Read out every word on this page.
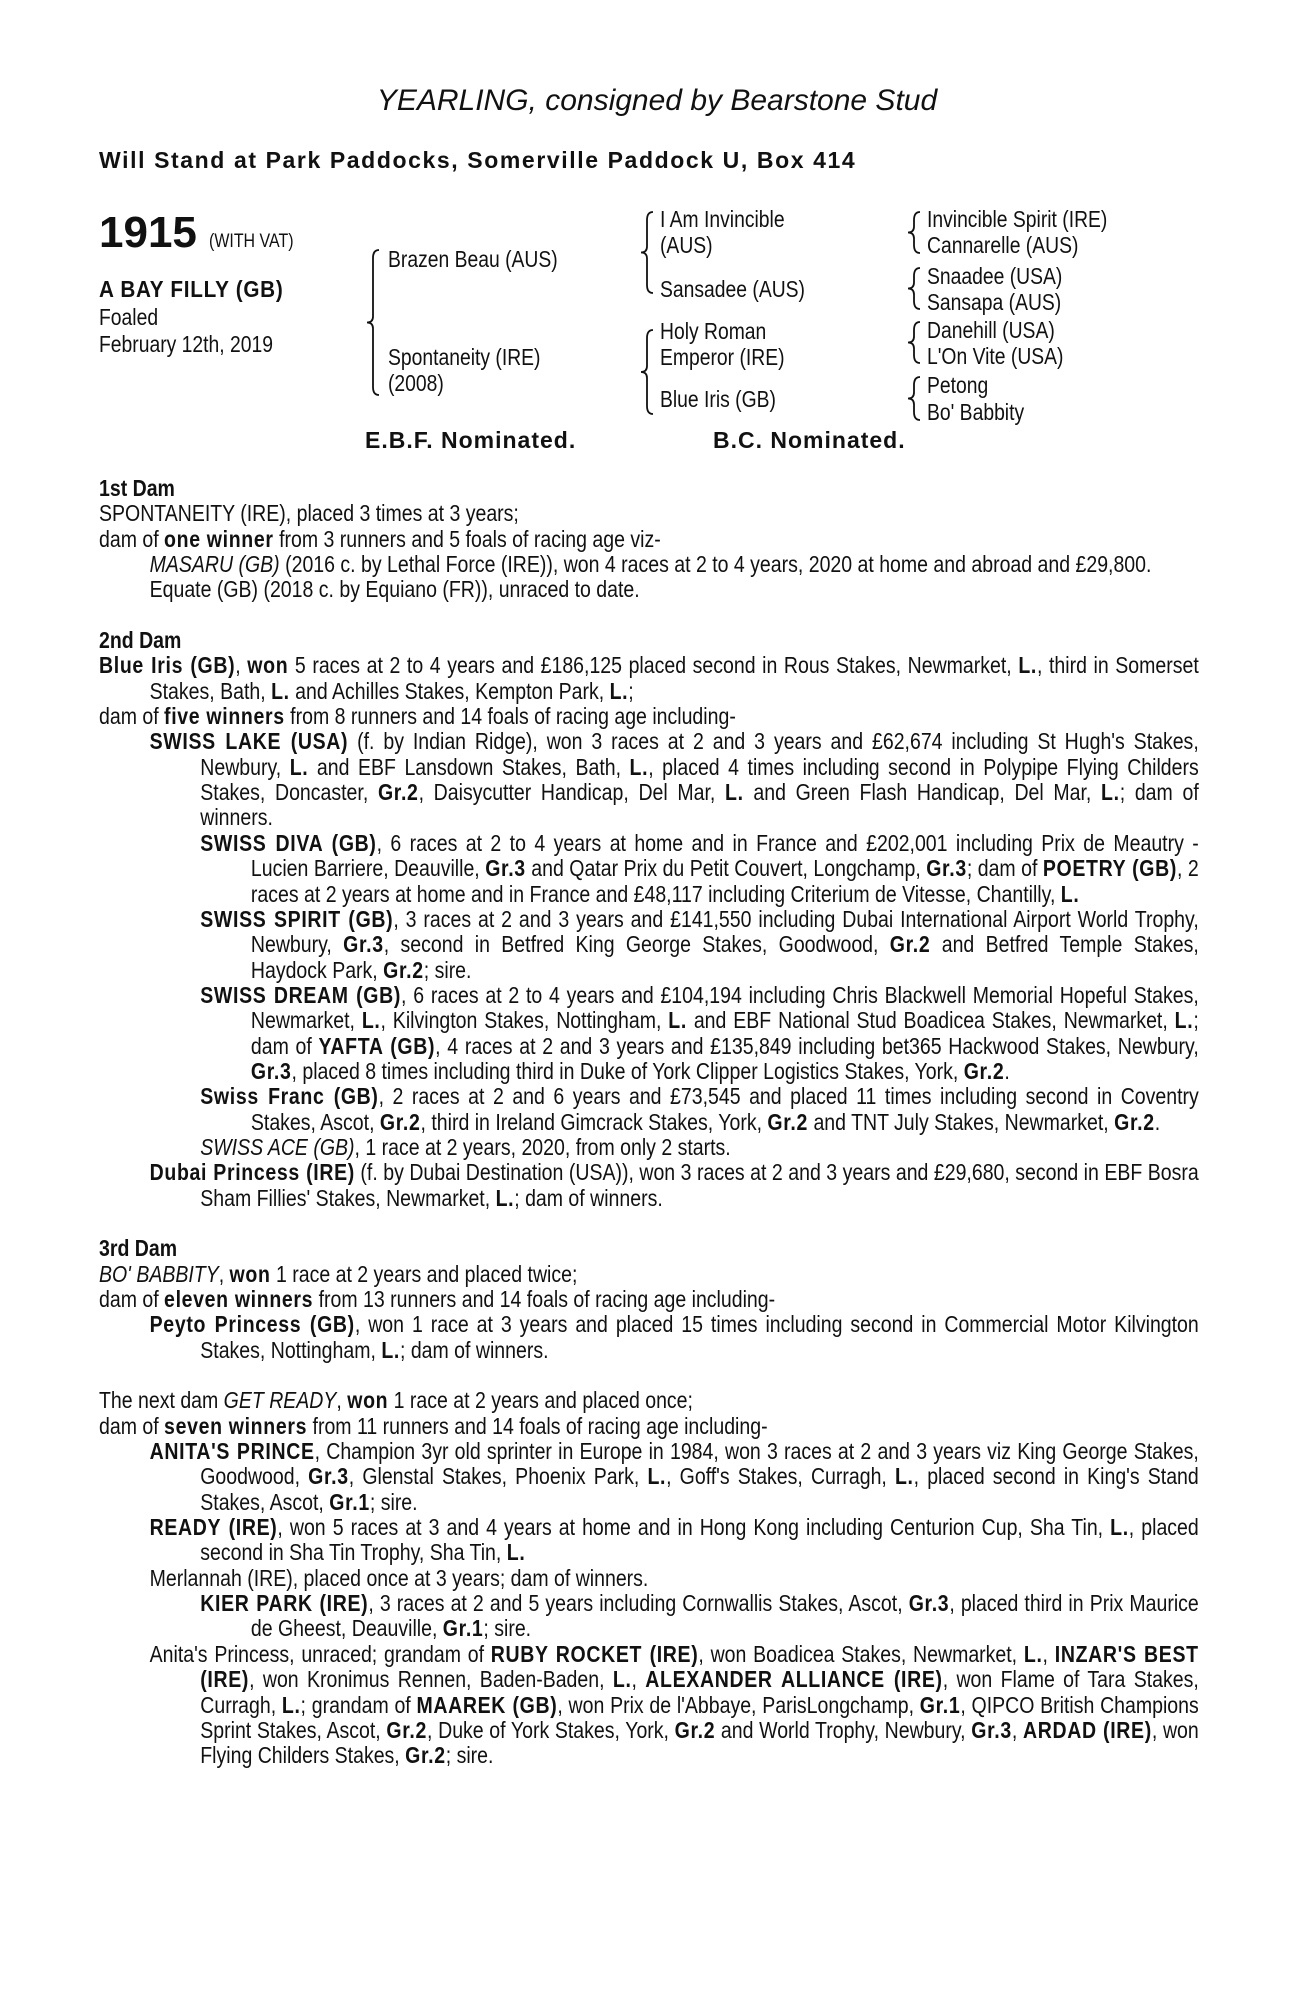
YEARLING, consigned by Bearstone Stud
Will Stand at Park Paddocks, Somerville Paddock U, Box 414
1915 (WITH VAT)
A BAY FILLY (GB)
Foaled
February 12th, 2019
Brazen Beau (AUS)
Spontaneity (IRE)
(2008)
I Am Invincible
(AUS)
Sansadee (AUS)
Holy Roman
Emperor (IRE)
Blue Iris (GB)
Invincible Spirit (IRE)
Cannarelle (AUS)
Snaadee (USA)
Sansapa (AUS)
Danehill (USA)
L'On Vite (USA)
Petong
Bo' Babbity
E.B.F. Nominated.	B.C. Nominated.
1st Dam
SPONTANEITY (IRE), placed 3 times at 3 years;
dam of one winner from 3 runners and 5 foals of racing age viz-
MASARU (GB) (2016 c. by Lethal Force (IRE)), won 4 races at 2 to 4 years, 2020 at home and abroad and £29,800.
Equate (GB) (2018 c. by Equiano (FR)), unraced to date.
2nd Dam
Blue Iris (GB), won 5 races at 2 to 4 years and £186,125 placed second in Rous Stakes, Newmarket, L., third in Somerset Stakes, Bath, L. and Achilles Stakes, Kempton Park, L.;
dam of five winners from 8 runners and 14 foals of racing age including-
SWISS LAKE (USA) (f. by Indian Ridge), won 3 races at 2 and 3 years and £62,674 including St Hugh's Stakes, Newbury, L. and EBF Lansdown Stakes, Bath, L., placed 4 times including second in Polypipe Flying Childers Stakes, Doncaster, Gr.2, Daisycutter Handicap, Del Mar, L. and Green Flash Handicap, Del Mar, L.; dam of winners.
SWISS DIVA (GB), 6 races at 2 to 4 years at home and in France and £202,001 including Prix de Meautry - Lucien Barriere, Deauville, Gr.3 and Qatar Prix du Petit Couvert, Longchamp, Gr.3; dam of POETRY (GB), 2 races at 2 years at home and in France and £48,117 including Criterium de Vitesse, Chantilly, L.
SWISS SPIRIT (GB), 3 races at 2 and 3 years and £141,550 including Dubai International Airport World Trophy, Newbury, Gr.3, second in Betfred King George Stakes, Goodwood, Gr.2 and Betfred Temple Stakes, Haydock Park, Gr.2; sire.
SWISS DREAM (GB), 6 races at 2 to 4 years and £104,194 including Chris Blackwell Memorial Hopeful Stakes, Newmarket, L., Kilvington Stakes, Nottingham, L. and EBF National Stud Boadicea Stakes, Newmarket, L.; dam of YAFTA (GB), 4 races at 2 and 3 years and £135,849 including bet365 Hackwood Stakes, Newbury, Gr.3, placed 8 times including third in Duke of York Clipper Logistics Stakes, York, Gr.2.
Swiss Franc (GB), 2 races at 2 and 6 years and £73,545 and placed 11 times including second in Coventry Stakes, Ascot, Gr.2, third in Ireland Gimcrack Stakes, York, Gr.2 and TNT July Stakes, Newmarket, Gr.2.
SWISS ACE (GB), 1 race at 2 years, 2020, from only 2 starts.
Dubai Princess (IRE) (f. by Dubai Destination (USA)), won 3 races at 2 and 3 years and £29,680, second in EBF Bosra Sham Fillies' Stakes, Newmarket, L.; dam of winners.
3rd Dam
BO' BABBITY, won 1 race at 2 years and placed twice;
dam of eleven winners from 13 runners and 14 foals of racing age including-
Peyto Princess (GB), won 1 race at 3 years and placed 15 times including second in Commercial Motor Kilvington Stakes, Nottingham, L.; dam of winners.
The next dam GET READY, won 1 race at 2 years and placed once;
dam of seven winners from 11 runners and 14 foals of racing age including-
ANITA'S PRINCE, Champion 3yr old sprinter in Europe in 1984, won 3 races at 2 and 3 years viz King George Stakes, Goodwood, Gr.3, Glenstal Stakes, Phoenix Park, L., Goff's Stakes, Curragh, L., placed second in King's Stand Stakes, Ascot, Gr.1; sire.
READY (IRE), won 5 races at 3 and 4 years at home and in Hong Kong including Centurion Cup, Sha Tin, L., placed second in Sha Tin Trophy, Sha Tin, L.
Merlannah (IRE), placed once at 3 years; dam of winners.
KIER PARK (IRE), 3 races at 2 and 5 years including Cornwallis Stakes, Ascot, Gr.3, placed third in Prix Maurice de Gheest, Deauville, Gr.1; sire.
Anita's Princess, unraced; grandam of RUBY ROCKET (IRE), won Boadicea Stakes, Newmarket, L., INZAR'S BEST (IRE), won Kronimus Rennen, Baden-Baden, L., ALEXANDER ALLIANCE (IRE), won Flame of Tara Stakes, Curragh, L.; grandam of MAAREK (GB), won Prix de l'Abbaye, ParisLongchamp, Gr.1, QIPCO British Champions Sprint Stakes, Ascot, Gr.2, Duke of York Stakes, York, Gr.2 and World Trophy, Newbury, Gr.3, ARDAD (IRE), won Flying Childers Stakes, Gr.2; sire.
